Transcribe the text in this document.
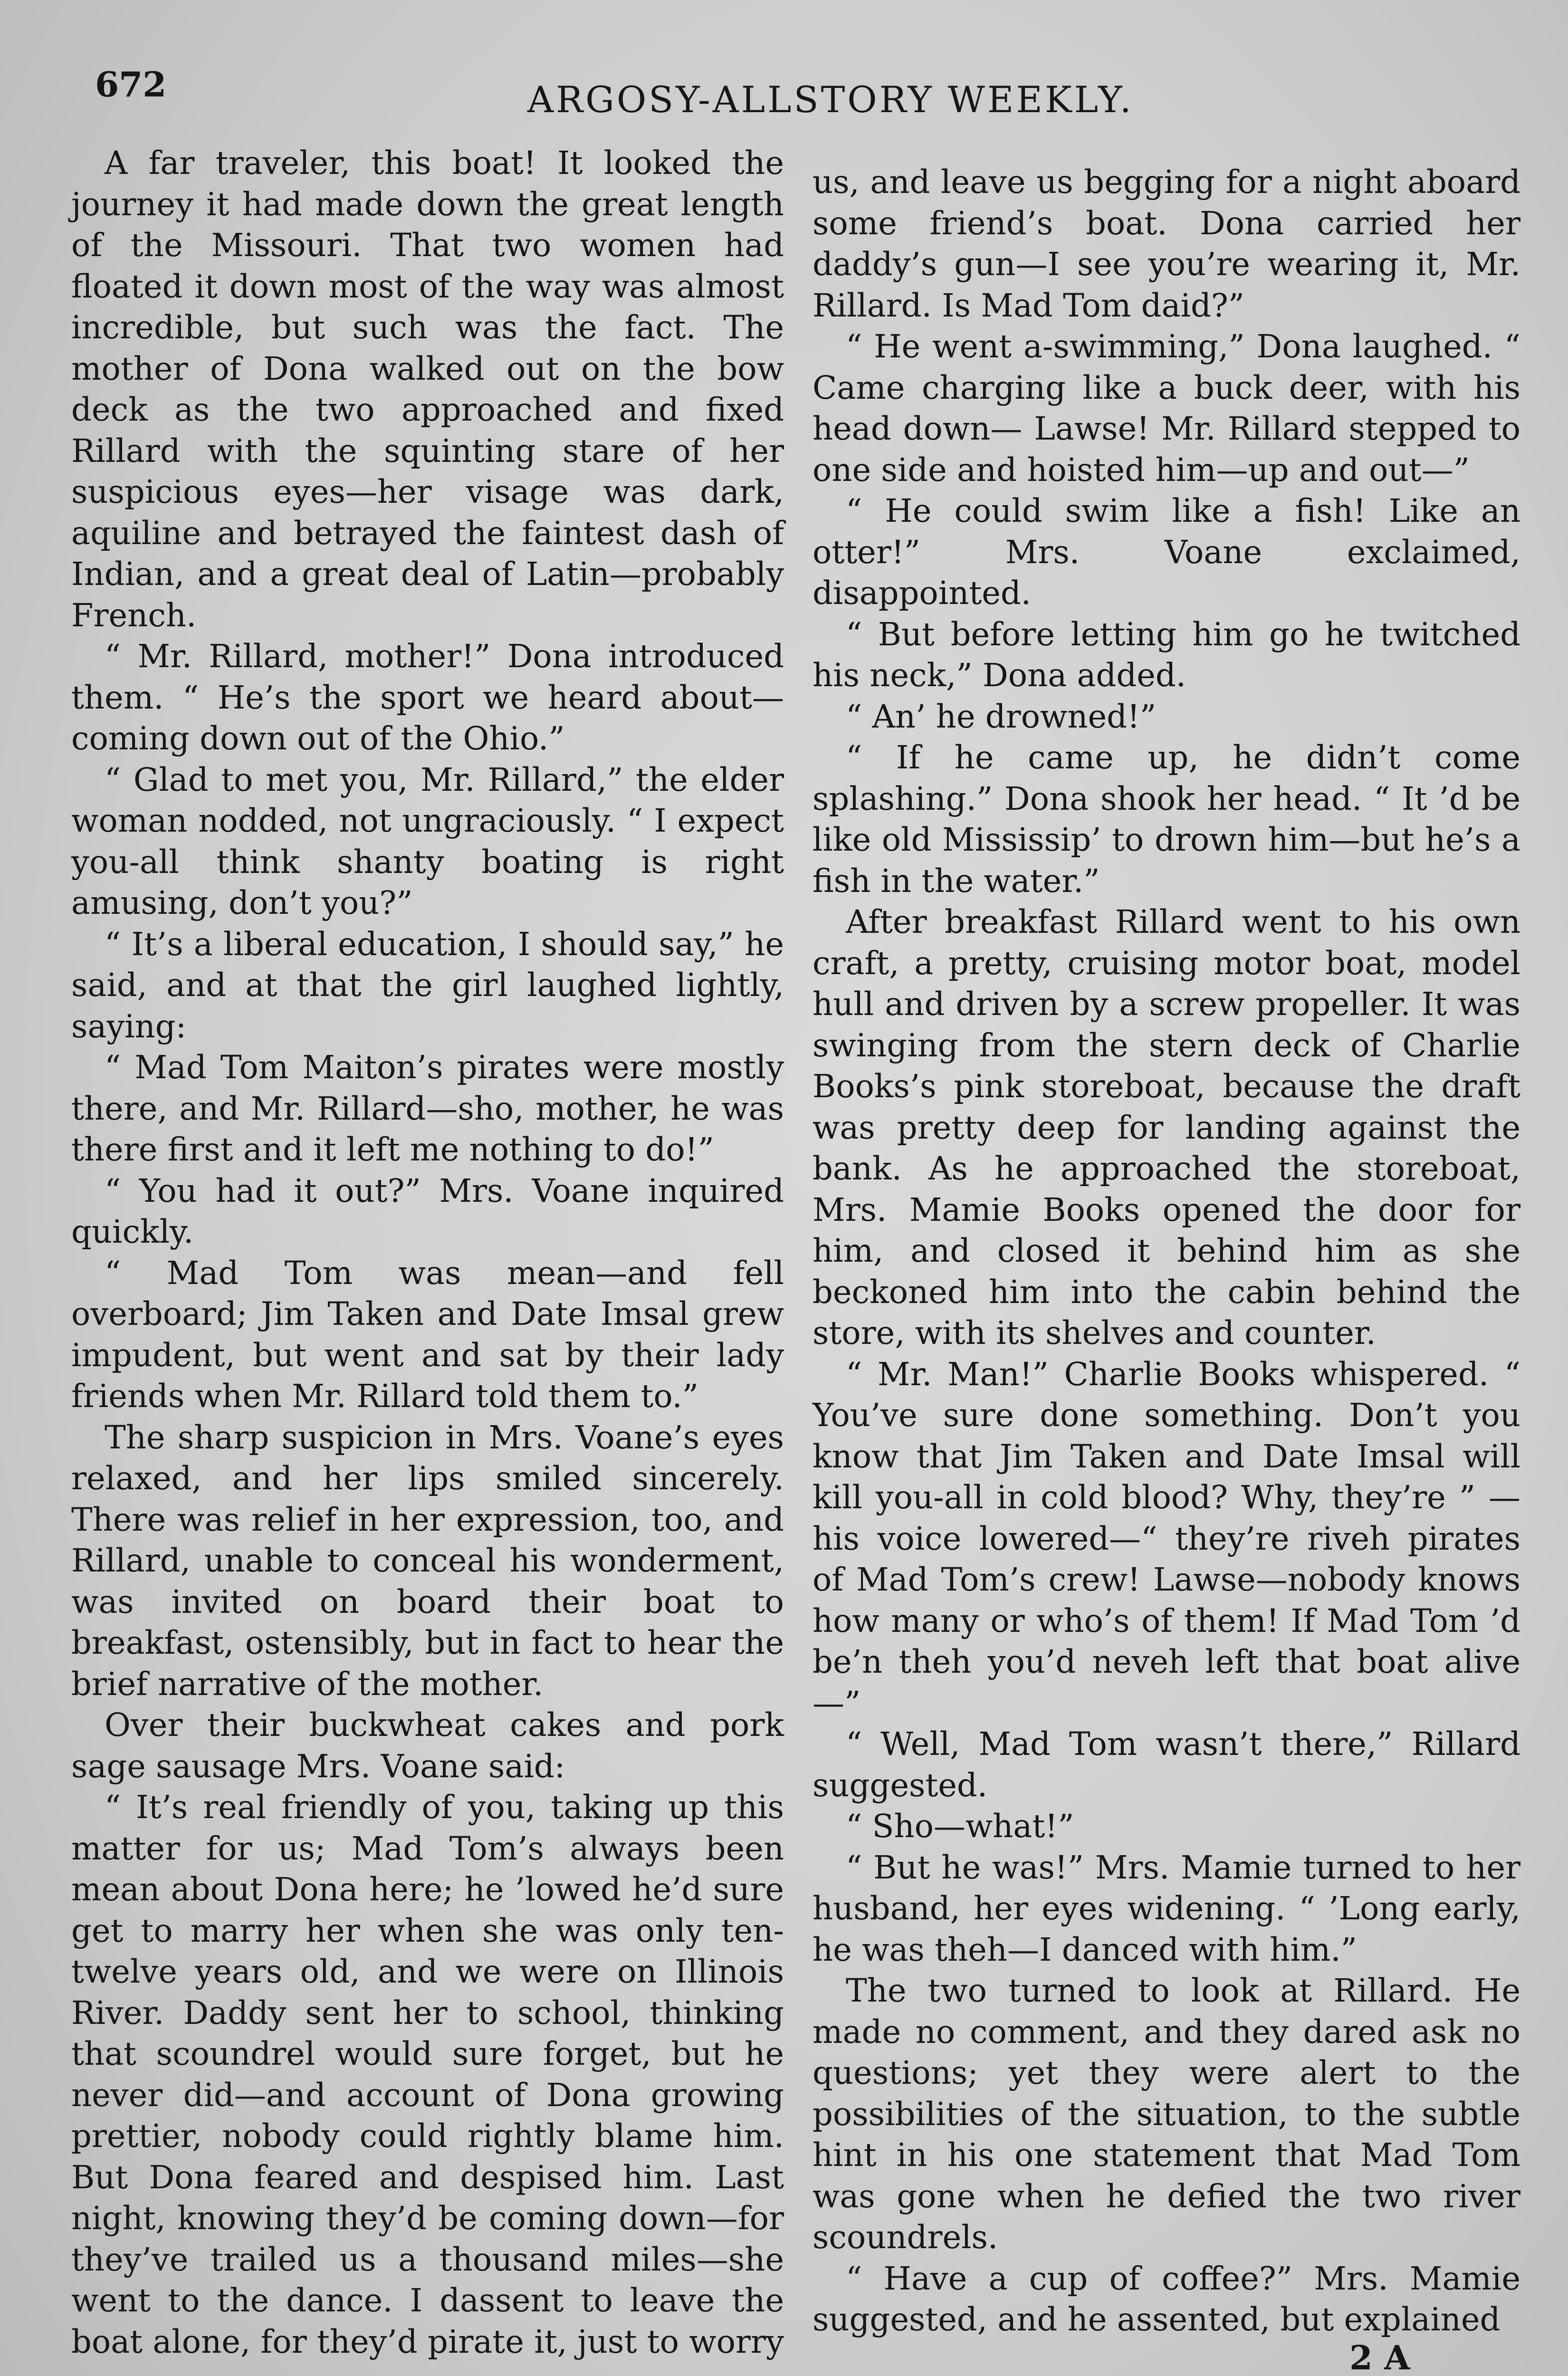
672	ARGOSY-ALLSTORY WEEKLY.

A far traveler, this boat! It looked the journey it had made down the great length of the Missouri. That two women had floated it down most of the way was almost incredible, but such was the fact. The mother of Dona walked out on the bow deck as the two approached and fixed Rillard with the squinting stare of her suspicious eyes—her visage was dark, aquiline and betrayed the faintest dash of Indian, and a great deal of Latin—probably French.

“ Mr. Rillard, mother!” Dona introduced them. “ He’s the sport we heard about—coming down out of the Ohio.”

“ Glad to met you, Mr. Rillard,” the elder woman nodded, not ungraciously. “ I expect you-all think shanty boating is right amusing, don’t you?”

“ It’s a liberal education, I should say,” he said, and at that the girl laughed lightly, saying:

“ Mad Tom Maiton’s pirates were mostly there, and Mr. Rillard—sho, mother, he was there first and it left me nothing to do!”

“ You had it out?” Mrs. Voane inquired quickly.

“ Mad Tom was mean—and fell overboard; Jim Taken and Date Imsal grew impudent, but went and sat by their lady friends when Mr. Rillard told them to.”

The sharp suspicion in Mrs. Voane’s eyes relaxed, and her lips smiled sincerely. There was relief in her expression, too, and Rillard, unable to conceal his wonderment, was invited on board their boat to breakfast, ostensibly, but in fact to hear the brief narrative of the mother.

Over their buckwheat cakes and pork sage sausage Mrs. Voane said:

“ It’s real friendly of you, taking up this matter for us; Mad Tom’s always been mean about Dona here; he ’lowed he’d sure get to marry her when she was only ten-twelve years old, and we were on Illinois River. Daddy sent her to school, thinking that scoundrel would sure forget, but he never did—and account of Dona growing prettier, nobody could rightly blame him. But Dona feared and despised him. Last night, knowing they’d be coming down—for they’ve trailed us a thousand miles—she went to the dance. I dassent to leave the boat alone, for they’d pirate it, just to worry

us, and leave us begging for a night aboard some friend’s boat. Dona carried her daddy’s gun—I see you’re wearing it, Mr. Rillard. Is Mad Tom daid?”

“ He went a-swimming,” Dona laughed. “ Came charging like a buck deer, with his head down— Lawse! Mr. Rillard stepped to one side and hoisted him—up and out—”

“ He could swim like a fish! Like an otter!” Mrs. Voane exclaimed, disappointed.

“ But before letting him go he twitched his neck,” Dona added.

“ An’ he drowned!”

“ If he came up, he didn’t come splashing.” Dona shook her head. “ It ’d be like old Mississip’ to drown him—but he’s a fish in the water.”

After breakfast Rillard went to his own craft, a pretty, cruising motor boat, model hull and driven by a screw propeller. It was swinging from the stern deck of Charlie Books’s pink storeboat, because the draft was pretty deep for landing against the bank. As he approached the storeboat, Mrs. Mamie Books opened the door for him, and closed it behind him as she beckoned him into the cabin behind the store, with its shelves and counter.

“ Mr. Man!” Charlie Books whispered. “ You’ve sure done something. Don’t you know that Jim Taken and Date Imsal will kill you-all in cold blood? Why, they’re ” —his voice lowered—“ they’re riveh pirates of Mad Tom’s crew! Lawse—nobody knows how many or who’s of them! If Mad Tom ’d be’n theh you’d neveh left that boat alive—”

“ Well, Mad Tom wasn’t there,” Rillard suggested.

“ Sho—what!”

“ But he was!” Mrs. Mamie turned to her husband, her eyes widening. “ ’Long early, he was theh—I danced with him.”

The two turned to look at Rillard. He made no comment, and they dared ask no questions; yet they were alert to the possibilities of the situation, to the subtle hint in his one statement that Mad Tom was gone when he defied the two river scoundrels.

“ Have a cup of coffee?” Mrs. Mamie suggested, and he assented, but explained

2 A
